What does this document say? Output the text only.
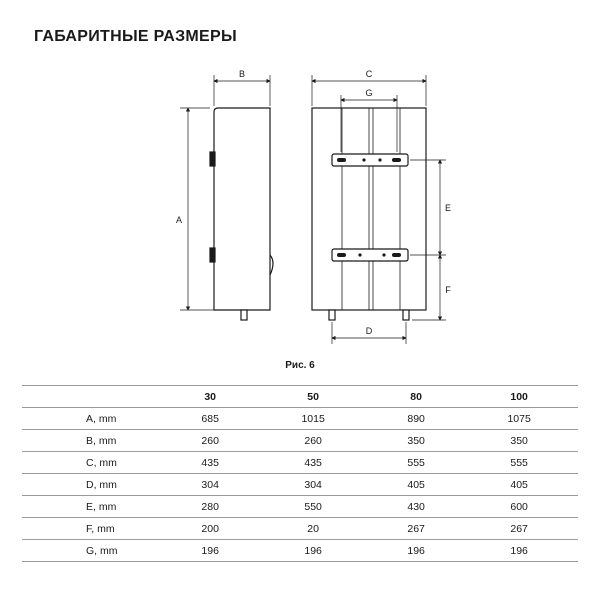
ГАБАРИТНЫЕ РАЗМЕРЫ
A
B	C
G
E
F
D
Рис. 6
	30	50	80	100
A, mm	685	1015	890	1075
B, mm	260	260	350	350
C, mm	435	435	555	555
D, mm	304	304	405	405
E, mm	280	550	430	600
F, mm	200	20	267	267
G, mm	196	196	196	196
